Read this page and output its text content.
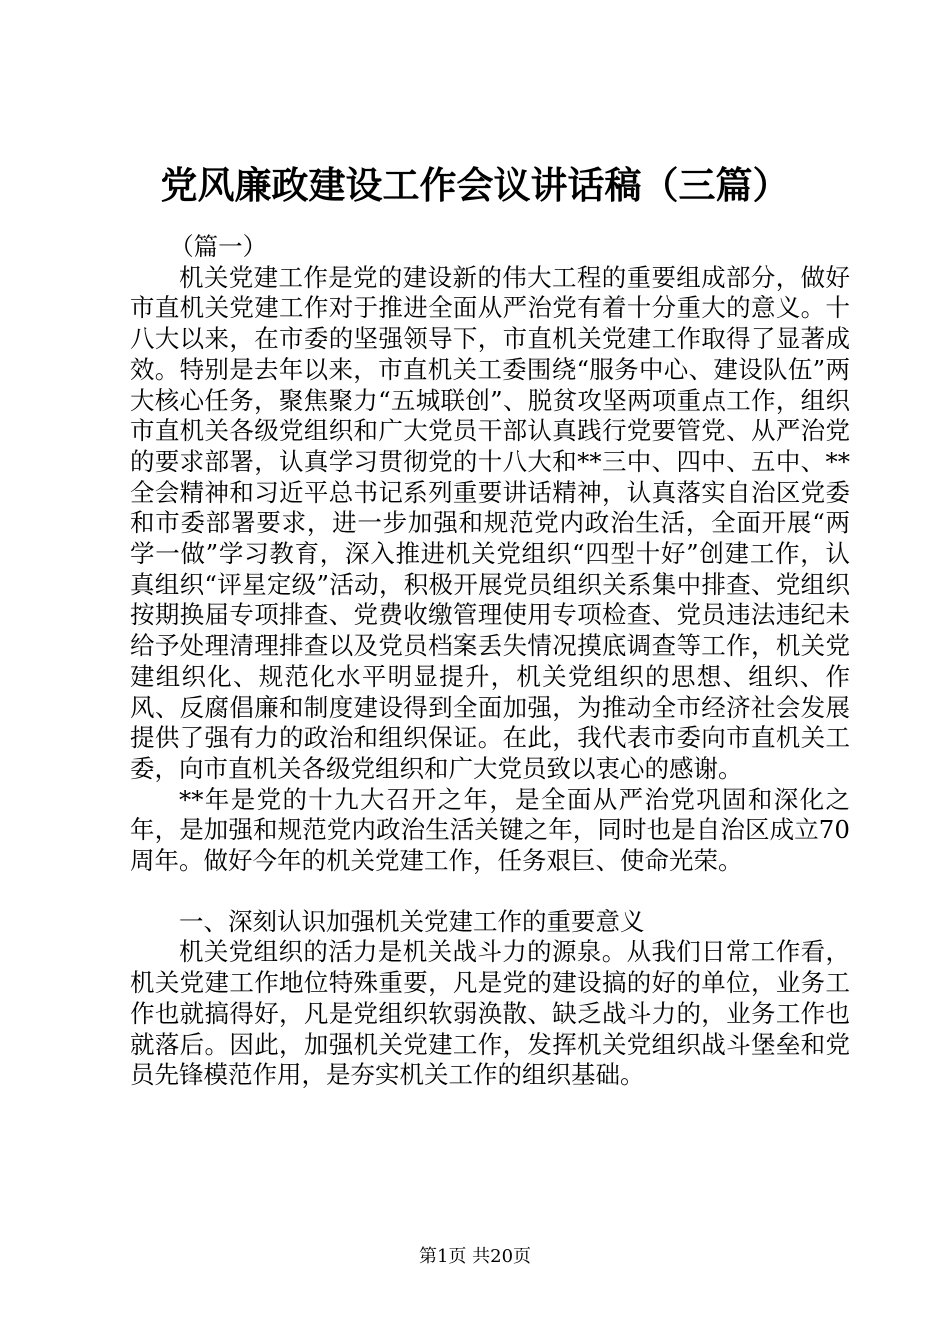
党风廉政建设工作会议讲话稿（三篇）

（篇一）

机关党建工作是党的建设新的伟大工程的重要组成部分，做好市直机关党建工作对于推进全面从严治党有着十分重大的意义。十八大以来，在市委的坚强领导下，市直机关党建工作取得了显著成效。特别是去年以来，市直机关工委围绕“服务中心、建设队伍”两大核心任务，聚焦聚力“五城联创”、脱贫攻坚两项重点工作，组织市直机关各级党组织和广大党员干部认真践行党要管党、从严治党的要求部署，认真学习贯彻党的十八大和**三中、四中、五中、**全会精神和习近平总书记系列重要讲话精神，认真落实自治区党委和市委部署要求，进一步加强和规范党内政治生活，全面开展“两学一做”学习教育，深入推进机关党组织“四型十好”创建工作，认真组织“评星定级”活动，积极开展党员组织关系集中排查、党组织按期换届专项排查、党费收缴管理使用专项检查、党员违法违纪未给予处理清理排查以及党员档案丢失情况摸底调查等工作，机关党建组织化、规范化水平明显提升，机关党组织的思想、组织、作风、反腐倡廉和制度建设得到全面加强，为推动全市经济社会发展提供了强有力的政治和组织保证。在此，我代表市委向市直机关工委，向市直机关各级党组织和广大党员致以衷心的感谢。

**年是党的十九大召开之年，是全面从严治党巩固和深化之年，是加强和规范党内政治生活关键之年，同时也是自治区成立70周年。做好今年的机关党建工作，任务艰巨、使命光荣。

一、深刻认识加强机关党建工作的重要意义

机关党组织的活力是机关战斗力的源泉。从我们日常工作看，机关党建工作地位特殊重要，凡是党的建设搞的好的单位，业务工作也就搞得好，凡是党组织软弱涣散、缺乏战斗力的，业务工作也就落后。因此，加强机关党建工作，发挥机关党组织战斗堡垒和党员先锋模范作用，是夯实机关工作的组织基础。

第1页 共20页
